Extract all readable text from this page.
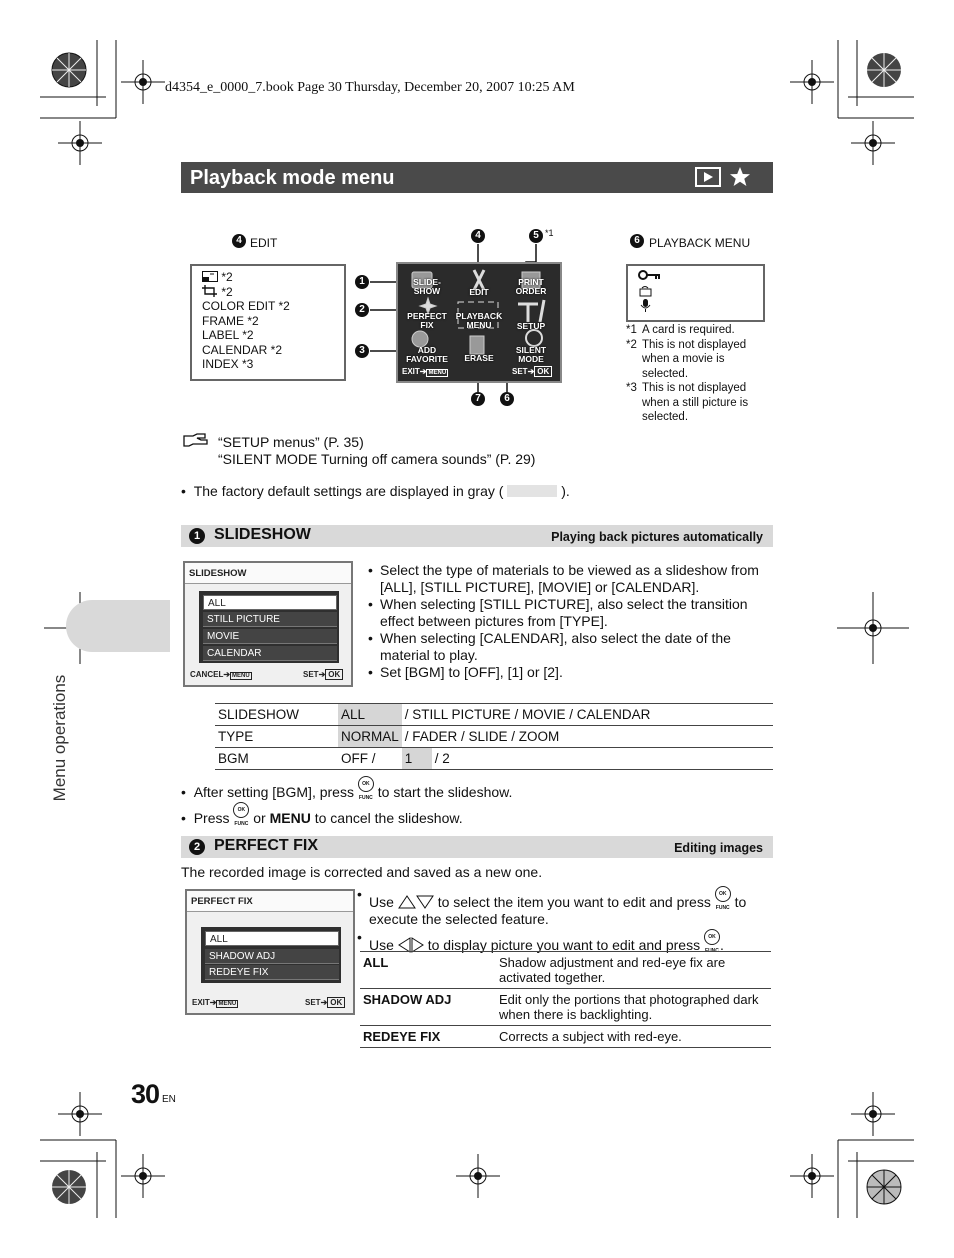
d4354_e_0000_7.book Page 30 Thursday, December 20, 2007 10:25 AM
Playback mode menu
4 EDIT
*2
*2
COLOR EDIT *2
FRAME *2
LABEL *2
CALENDAR *2
INDEX *3
1
2
3
4	5 *1
7	6
SLIDE-
SHOW	EDIT
PRINT
ORDER
PERFECT
FIX
PLAYBACK
MENU	SETUP
ADD
FAVORITE	ERASE
SILENT
MODE
EXIT➔ MENU	SET➔ OK
6 PLAYBACK MENU
*1 A card is required.
*2 This is not displayed when a movie is selected.
*3 This is not displayed when a still picture is selected.
“SETUP menus” (P. 35)
“SILENT MODE Turning off camera sounds” (P. 29)
•  The factory default settings are displayed in gray (	).
1 SLIDESHOW	Playing back pictures automatically
SLIDESHOW
ALL
STILL PICTURE
MOVIE
CALENDAR
CANCEL➔ MENU	SET➔ OK
• Select the type of materials to be viewed as a slideshow from [ALL], [STILL PICTURE], [MOVIE] or [CALENDAR].
• When selecting [STILL PICTURE], also select the transition effect between pictures from [TYPE].
• When selecting [CALENDAR], also select the date of the material to play.
• Set [BGM] to [OFF], [1] or [2].
SLIDESHOW	ALL	/ STILL PICTURE / MOVIE / CALENDAR	
TYPE	NORMAL	/ FADER / SLIDE / ZOOM	
BGM	OFF /	1	/ 2
•  After setting [BGM], press OK FUNC to start the slideshow.
•  Press OK FUNC or MENU to cancel the slideshow.
2 PERFECT FIX	Editing images
The recorded image is corrected and saved as a new one.
PERFECT FIX
ALL
SHADOW ADJ
REDEYE FIX
EXIT➔ MENU	SET➔ OK
• Use	to select the item you want to edit and press OK FUNC to execute the selected feature.
• Use to display picture you want to edit and press OK FUNC.
ALL	Shadow adjustment and red-eye fix are activated together.
SHADOW ADJ	Edit only the portions that photographed dark when there is backlighting.
REDEYE FIX	Corrects a subject with red-eye.
Menu operations
30 EN
